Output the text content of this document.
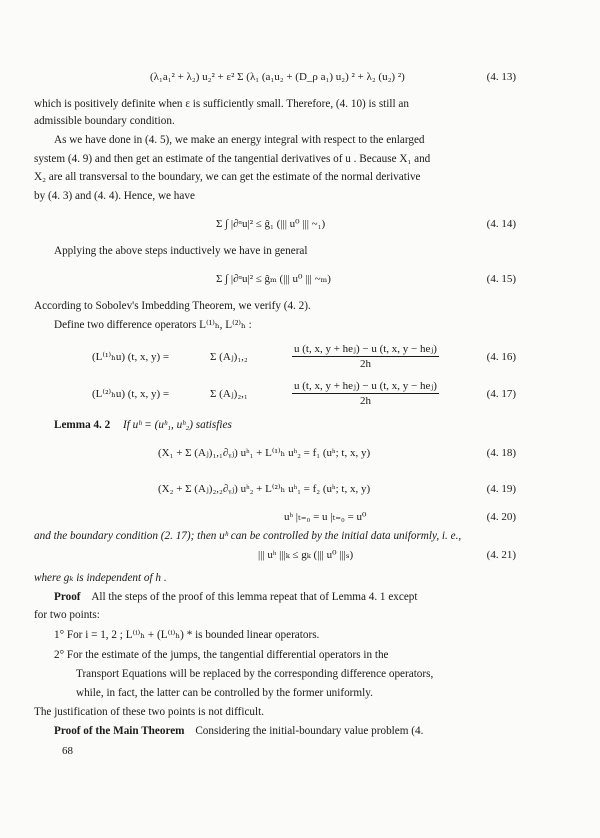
(λ₁a₁² + λ₂) u₂² + ε² Σ (λ₁ (a₁u₂ + (D_ρ a₁) u₂) ² + λ₂ (u₂) ²)	(4. 13)
which is positively definite when ε is sufficiently small. Therefore, (4. 10) is still an
admissible boundary condition.
As we have done in (4. 5), we make an energy integral with respect to the enlarged
system (4. 9) and then get an estimate of the tangential derivatives of u . Because X₁ and
X₂ are all transversal to the boundary, we can get the estimate of the normal derivative
by (4. 3) and (4. 4). Hence, we have
Σ ∫ |∂ᵅu|² ≤ ĝ₁ (||| u⁰ ||| ~₁)	(4. 14)
Applying the above steps inductively we have in general
Σ ∫ |∂ᵅu|² ≤ ĝₘ (||| u⁰ ||| ~ₘ)	(4. 15)
According to Sobolev's Imbedding Theorem, we verify (4. 2).
Define two difference operators L⁽¹⁾ₕ, L⁽²⁾ₕ :
(L⁽¹⁾ₕu) (t, x, y) =	Σ (Aⱼ)₁,₂
u (t, x, y + heⱼ) − u (t, x, y − heⱼ)
2h
(4. 16)
(L⁽²⁾ₕu) (t, x, y) =	Σ (Aⱼ)₂,₁
u (t, x, y + heⱼ) − u (t, x, y − heⱼ)
2h
(4. 17)
Lemma 4. 2 If uʰ = (uʰ₁, uʰ₂) satisfies
(X₁ + Σ (Aⱼ)₁,₁∂ᵧⱼ) uʰ₁ + L⁽¹⁾ₕ uʰ₂ = f₁ (uʰ; t, x, y)	(4. 18)
(X₂ + Σ (Aⱼ)₂,₂∂ᵧⱼ) uʰ₂ + L⁽²⁾ₕ uʰ₁ = f₂ (uʰ; t, x, y)	(4. 19)
uʰ |ₜ₌₀ = u |ₜ₌₀ = u⁰	(4. 20)
and the boundary condition (2. 17); then uʰ can be controlled by the initial data uniformly, i. e.,
||| uʰ |||ₖ ≤ gₖ (||| u⁰ |||ₛ)	(4. 21)
where gₖ is independent of h .
Proof All the steps of the proof of this lemma repeat that of Lemma 4. 1 except
for two points:
1° For i = 1, 2 ; L⁽ⁱ⁾ₕ + (L⁽ⁱ⁾ₕ) * is bounded linear operators.
2° For the estimate of the jumps, the tangential differential operators in the
Transport Equations will be replaced by the corresponding difference operators,
while, in fact, the latter can be controlled by the former uniformly.
The justification of these two points is not difficult.
Proof of the Main Theorem Considering the initial-boundary value problem (4.
68
